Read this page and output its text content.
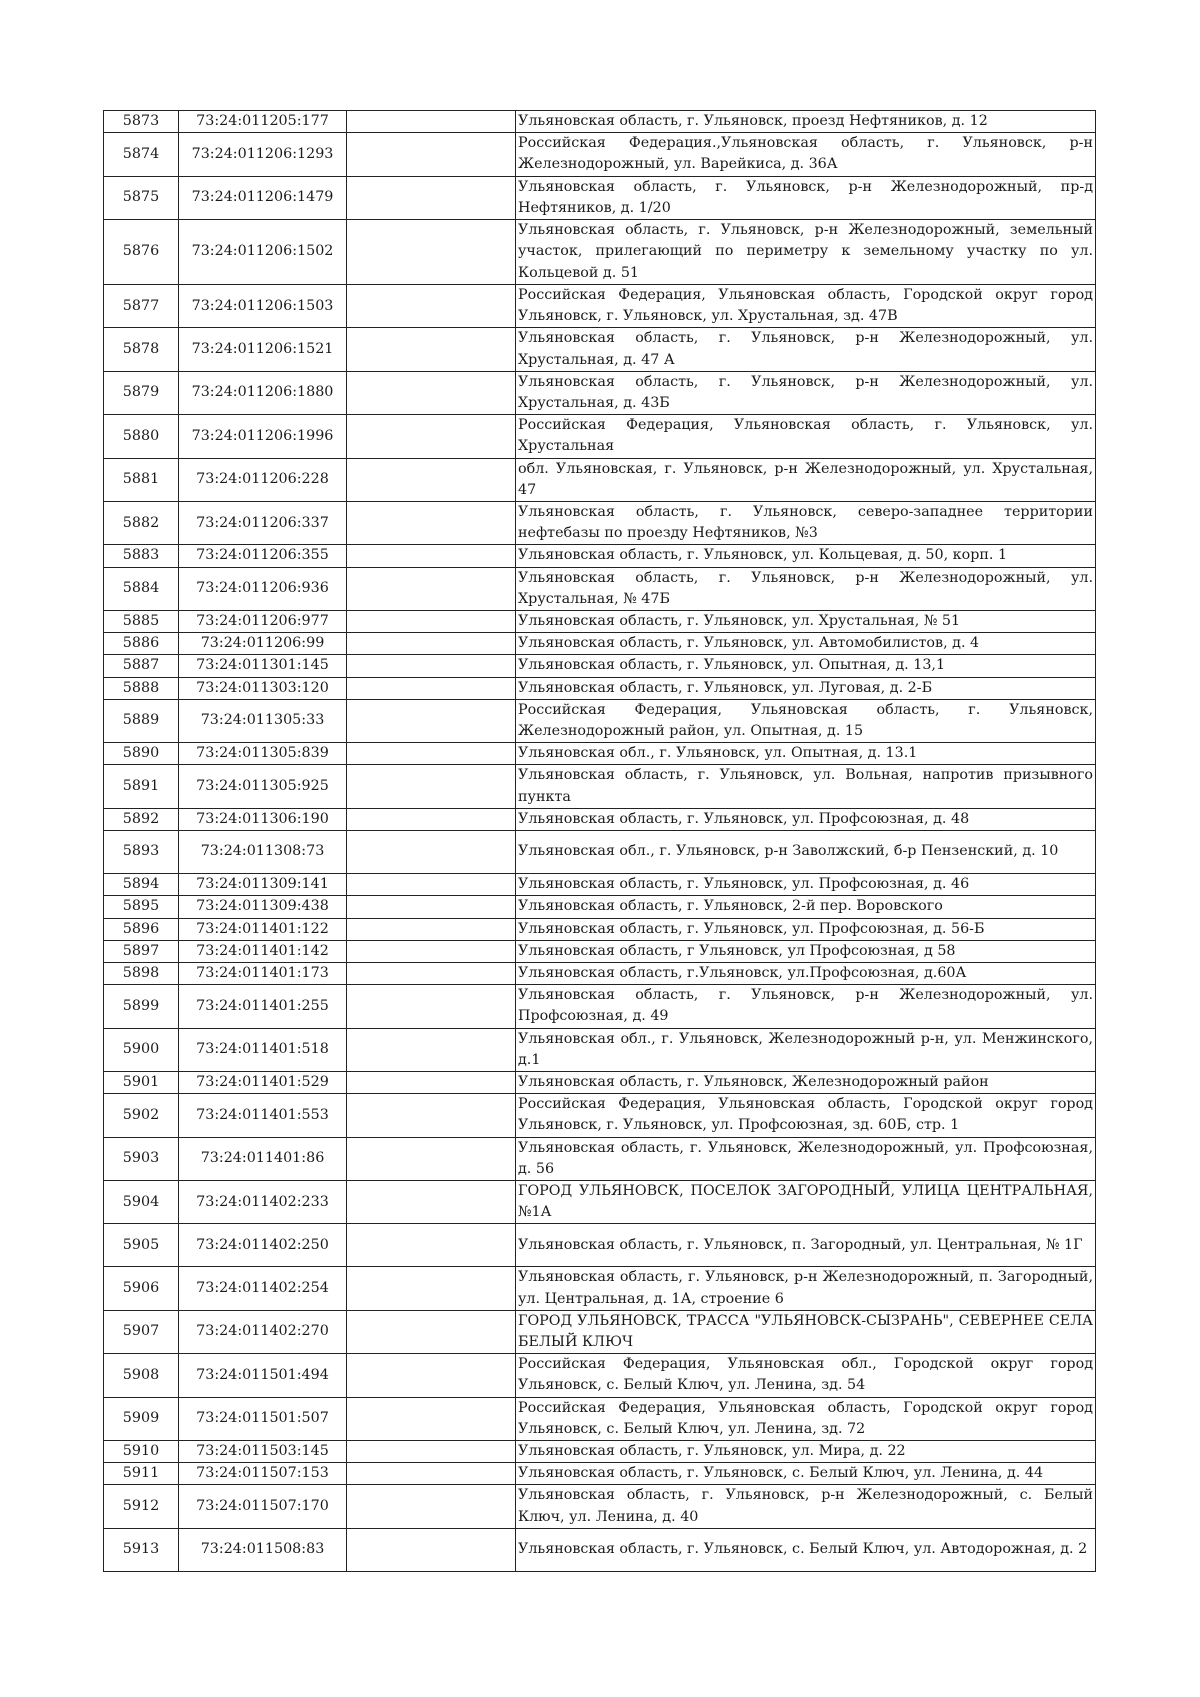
5873	73:24:011205:177		Ульяновская область, г. Ульяновск, проезд Нефтяников, д. 12
5874	73:24:011206:1293		Российская Федерация.,Ульяновская область, г. Ульяновск, р-н Железнодорожный, ул. Варейкиса, д. 36А
5875	73:24:011206:1479		Ульяновская область, г. Ульяновск, р-н Железнодорожный, пр-д Нефтяников, д. 1/20
5876	73:24:011206:1502		Ульяновская область, г. Ульяновск, р-н Железнодорожный, земельный участок, прилегающий по периметру к земельному участку по ул. Кольцевой д. 51
5877	73:24:011206:1503		Российская Федерация, Ульяновская область, Городской округ город Ульяновск, г. Ульяновск, ул. Хрустальная, зд. 47В
5878	73:24:011206:1521		Ульяновская область, г. Ульяновск, р-н Железнодорожный, ул. Хрустальная, д. 47 А
5879	73:24:011206:1880		Ульяновская область, г. Ульяновск, р-н Железнодорожный, ул. Хрустальная, д. 43Б
5880	73:24:011206:1996		Российская Федерация, Ульяновская область, г. Ульяновск, ул. Хрустальная
5881	73:24:011206:228		обл. Ульяновская, г. Ульяновск, р-н Железнодорожный, ул. Хрустальная, 47
5882	73:24:011206:337		Ульяновская область, г. Ульяновск, северо-западнее территории нефтебазы по проезду Нефтяников, №3
5883	73:24:011206:355		Ульяновская область, г. Ульяновск, ул. Кольцевая, д. 50, корп. 1
5884	73:24:011206:936		Ульяновская область, г. Ульяновск, р-н Железнодорожный, ул. Хрустальная, № 47Б
5885	73:24:011206:977		Ульяновская область, г. Ульяновск, ул. Хрустальная, № 51
5886	73:24:011206:99		Ульяновская область, г. Ульяновск, ул. Автомобилистов, д. 4
5887	73:24:011301:145		Ульяновская область, г. Ульяновск, ул. Опытная, д. 13,1
5888	73:24:011303:120		Ульяновская область, г. Ульяновск, ул. Луговая, д. 2-Б
5889	73:24:011305:33		Российская Федерация, Ульяновская область, г. Ульяновск, Железнодорожный район, ул. Опытная, д. 15
5890	73:24:011305:839		Ульяновская обл., г. Ульяновск, ул. Опытная, д. 13.1
5891	73:24:011305:925		Ульяновская область, г. Ульяновск, ул. Вольная, напротив призывного пункта
5892	73:24:011306:190		Ульяновская область, г. Ульяновск, ул. Профсоюзная, д. 48
5893	73:24:011308:73		Ульяновская обл., г. Ульяновск, р-н Заволжский, б-р Пензенский, д. 10
5894	73:24:011309:141		Ульяновская область, г. Ульяновск, ул. Профсоюзная, д. 46
5895	73:24:011309:438		Ульяновская область, г. Ульяновск, 2-й пер. Воровского
5896	73:24:011401:122		Ульяновская область, г. Ульяновск, ул. Профсоюзная, д. 56-Б
5897	73:24:011401:142		Ульяновская область, г Ульяновск, ул Профсоюзная, д 58
5898	73:24:011401:173		Ульяновская область, г.Ульяновск, ул.Профсоюзная, д.60А
5899	73:24:011401:255		Ульяновская область, г. Ульяновск, р-н Железнодорожный, ул. Профсоюзная, д. 49
5900	73:24:011401:518		Ульяновская обл., г. Ульяновск, Железнодорожный р-н, ул. Менжинского, д.1
5901	73:24:011401:529		Ульяновская область, г. Ульяновск, Железнодорожный район
5902	73:24:011401:553		Российская Федерация, Ульяновская область, Городской округ город Ульяновск, г. Ульяновск, ул. Профсоюзная, зд. 60Б, стр. 1
5903	73:24:011401:86		Ульяновская область, г. Ульяновск, Железнодорожный, ул. Профсоюзная, д. 56
5904	73:24:011402:233		ГОРОД УЛЬЯНОВСК, ПОСЕЛОК ЗАГОРОДНЫЙ, УЛИЦА ЦЕНТРАЛЬНАЯ, №1А
5905	73:24:011402:250		Ульяновская область, г. Ульяновск, п. Загородный, ул. Центральная, № 1Г
5906	73:24:011402:254		Ульяновская область, г. Ульяновск, р-н Железнодорожный, п. Загородный, ул. Центральная, д. 1А, строение 6
5907	73:24:011402:270		ГОРОД УЛЬЯНОВСК, ТРАССА "УЛЬЯНОВСК-СЫЗРАНЬ", СЕВЕРНЕЕ СЕЛА БЕЛЫЙ КЛЮЧ
5908	73:24:011501:494		Российская Федерация, Ульяновская обл., Городской округ город Ульяновск, с. Белый Ключ, ул. Ленина, зд. 54
5909	73:24:011501:507		Российская Федерация, Ульяновская область, Городской округ город Ульяновск, с. Белый Ключ, ул. Ленина, зд. 72
5910	73:24:011503:145		Ульяновская область, г. Ульяновск, ул. Мира, д. 22
5911	73:24:011507:153		Ульяновская область, г. Ульяновск, с. Белый Ключ, ул. Ленина, д. 44
5912	73:24:011507:170		Ульяновская область, г. Ульяновск, р-н Железнодорожный, с. Белый Ключ, ул. Ленина, д. 40
5913	73:24:011508:83		Ульяновская область, г. Ульяновск, с. Белый Ключ, ул. Автодорожная, д. 2
